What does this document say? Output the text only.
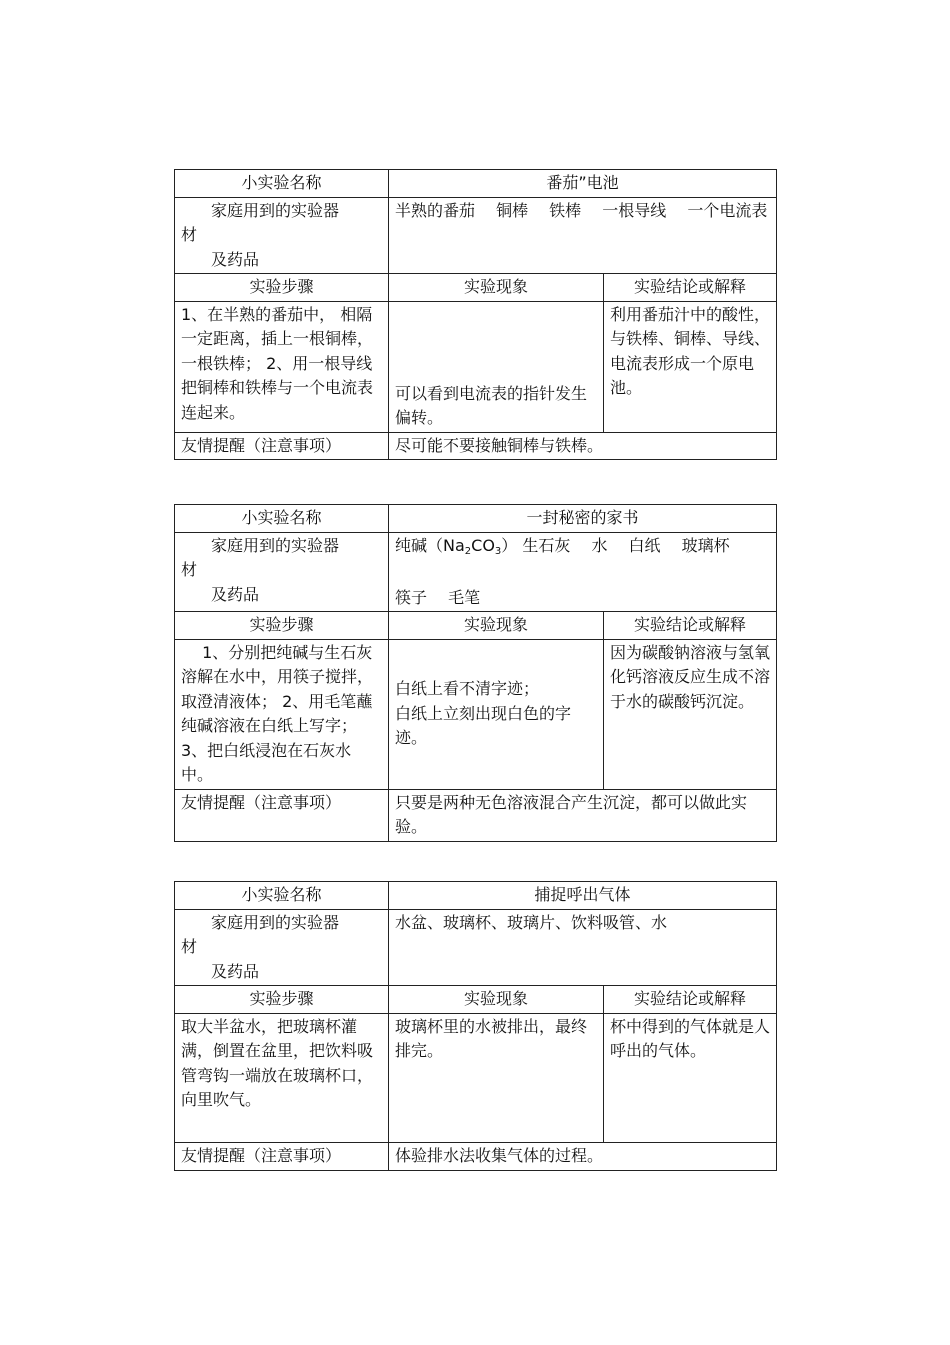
小实验名称	番茄”电池	
家庭用到的实验器
材
及药品	半熟的番茄　 铜棒　 铁棒　 一根导线　 一个电流表	
实验步骤	实验现象	实验结论或解释
1、在半熟的番茄中， 相隔一定距离，插上一根铜棒，一根铁棒； 2、用一根导线把铜棒和铁棒与一个电流表连起来。	可以看到电流表的指针发生偏转。	利用番茄汁中的酸性，与铁棒、铜棒、导线、电流表形成一个原电池。
友情提醒（注意事项）	尽可能不要接触铜棒与铁棒。	
小实验名称	一封秘密的家书	
家庭用到的实验器
材
及药品	纯碱$(Na_2CO_3)$ 生石灰　 水　 白纸　 玻璃杯

筷子　 毛笔	
实验步骤	实验现象	实验结论或解释
　 1、分别把纯碱与生石灰溶解在水中，用筷子搅拌，取澄清液体； 2、用毛笔蘸纯碱溶液在白纸上写字； 3、把白纸浸泡在石灰水中。	白纸上看不清字迹；
白纸上立刻出现白色的字迹。	因为碳酸钠溶液与氢氧化钙溶液反应生成不溶于水的碳酸钙沉淀。
友情提醒（注意事项）	只要是两种无色溶液混合产生沉淀，都可以做此实验。	
小实验名称	捕捉呼出气体	
家庭用到的实验器
材
及药品	水盆、玻璃杯、玻璃片、饮料吸管、水	
实验步骤	实验现象	实验结论或解释
取大半盆水，把玻璃杯灌满，倒置在盆里，把饮料吸管弯钩一端放在玻璃杯口，向里吹气。	玻璃杯里的水被排出，最终排完。	杯中得到的气体就是人呼出的气体。
友情提醒（注意事项）	体验排水法收集气体的过程。	
